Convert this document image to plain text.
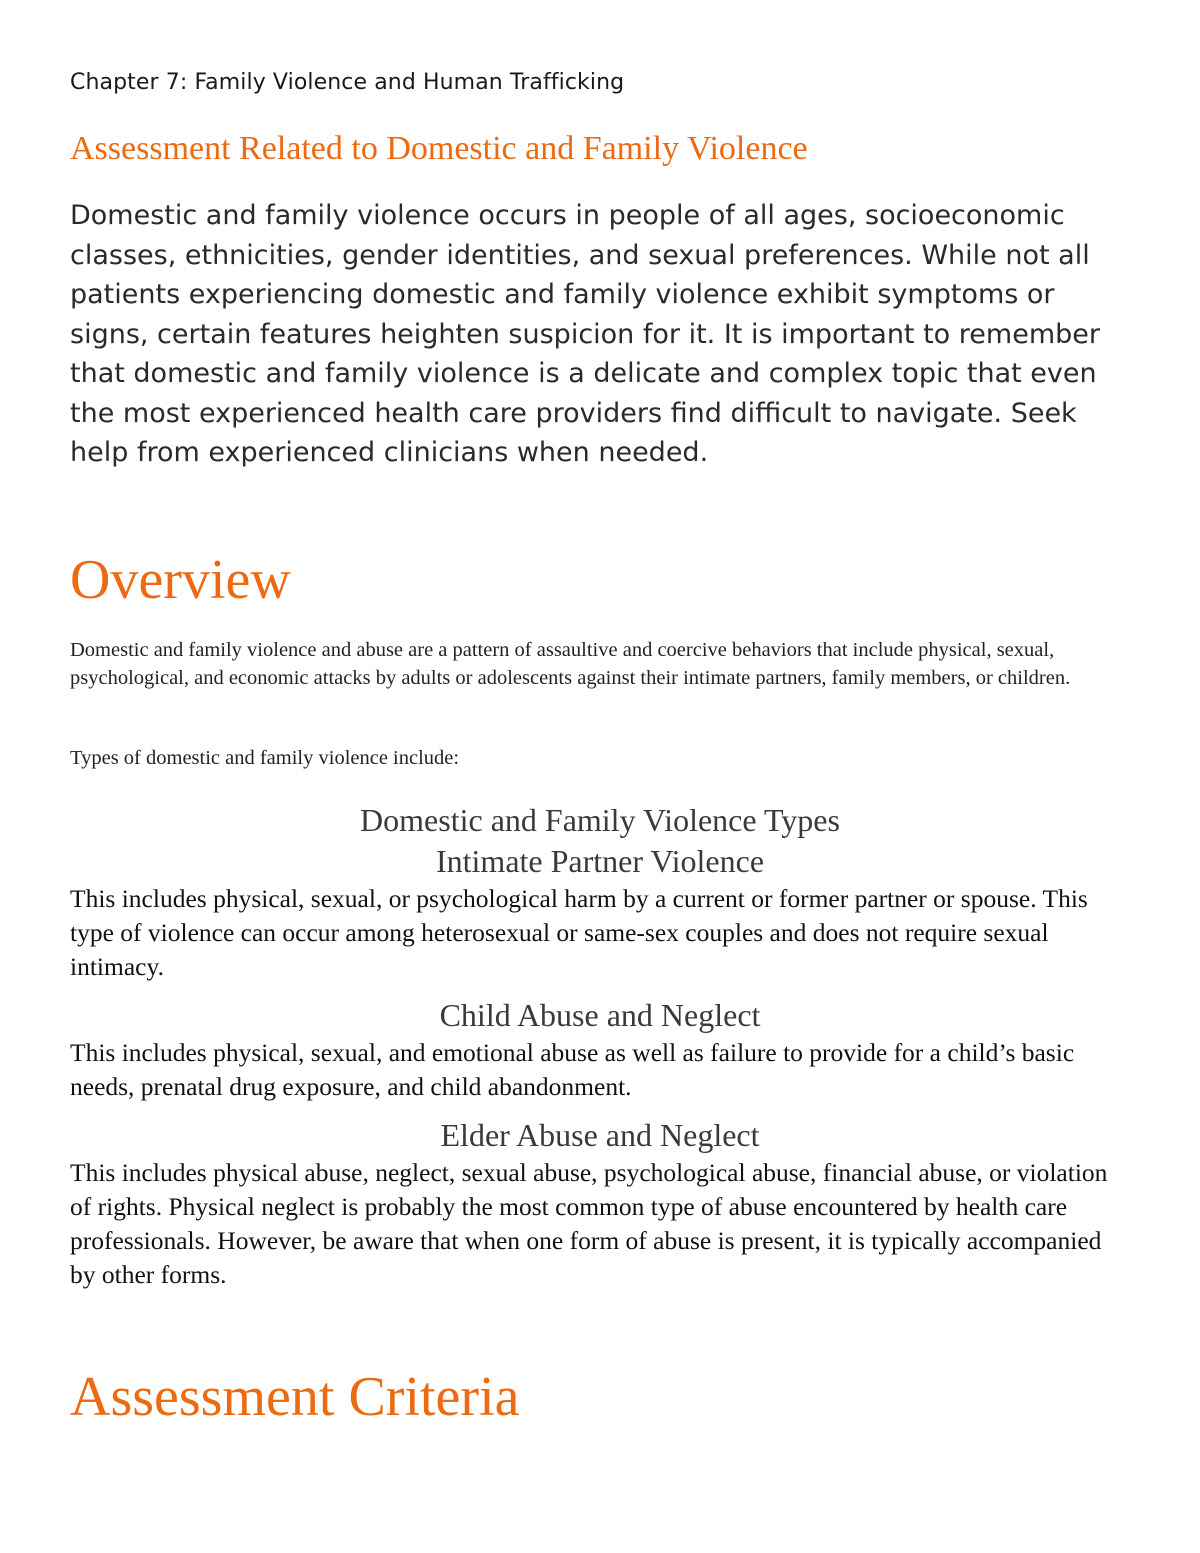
Chapter 7: Family Violence and Human Trafficking
Assessment Related to Domestic and Family Violence

Domestic and family violence occurs in people of all ages, socioeconomic classes, ethnicities, gender identities, and sexual preferences. While not all patients experiencing domestic and family violence exhibit symptoms or signs, certain features heighten suspicion for it. It is important to remember that domestic and family violence is a delicate and complex topic that even the most experienced health care providers find difficult to navigate. Seek help from experienced clinicians when needed.

Overview

Domestic and family violence and abuse are a pattern of assaultive and coercive behaviors that include physical, sexual, psychological, and economic attacks by adults or adolescents against their intimate partners, family members, or children.

Types of domestic and family violence include:

Domestic and Family Violence Types

Intimate Partner Violence

This includes physical, sexual, or psychological harm by a current or former partner or spouse. This type of violence can occur among heterosexual or same-sex couples and does not require sexual intimacy.

Child Abuse and Neglect

This includes physical, sexual, and emotional abuse as well as failure to provide for a child’s basic needs, prenatal drug exposure, and child abandonment.

Elder Abuse and Neglect

This includes physical abuse, neglect, sexual abuse, psychological abuse, financial abuse, or violation of rights. Physical neglect is probably the most common type of abuse encountered by health care professionals. However, be aware that when one form of abuse is present, it is typically accompanied by other forms.

Assessment Criteria
